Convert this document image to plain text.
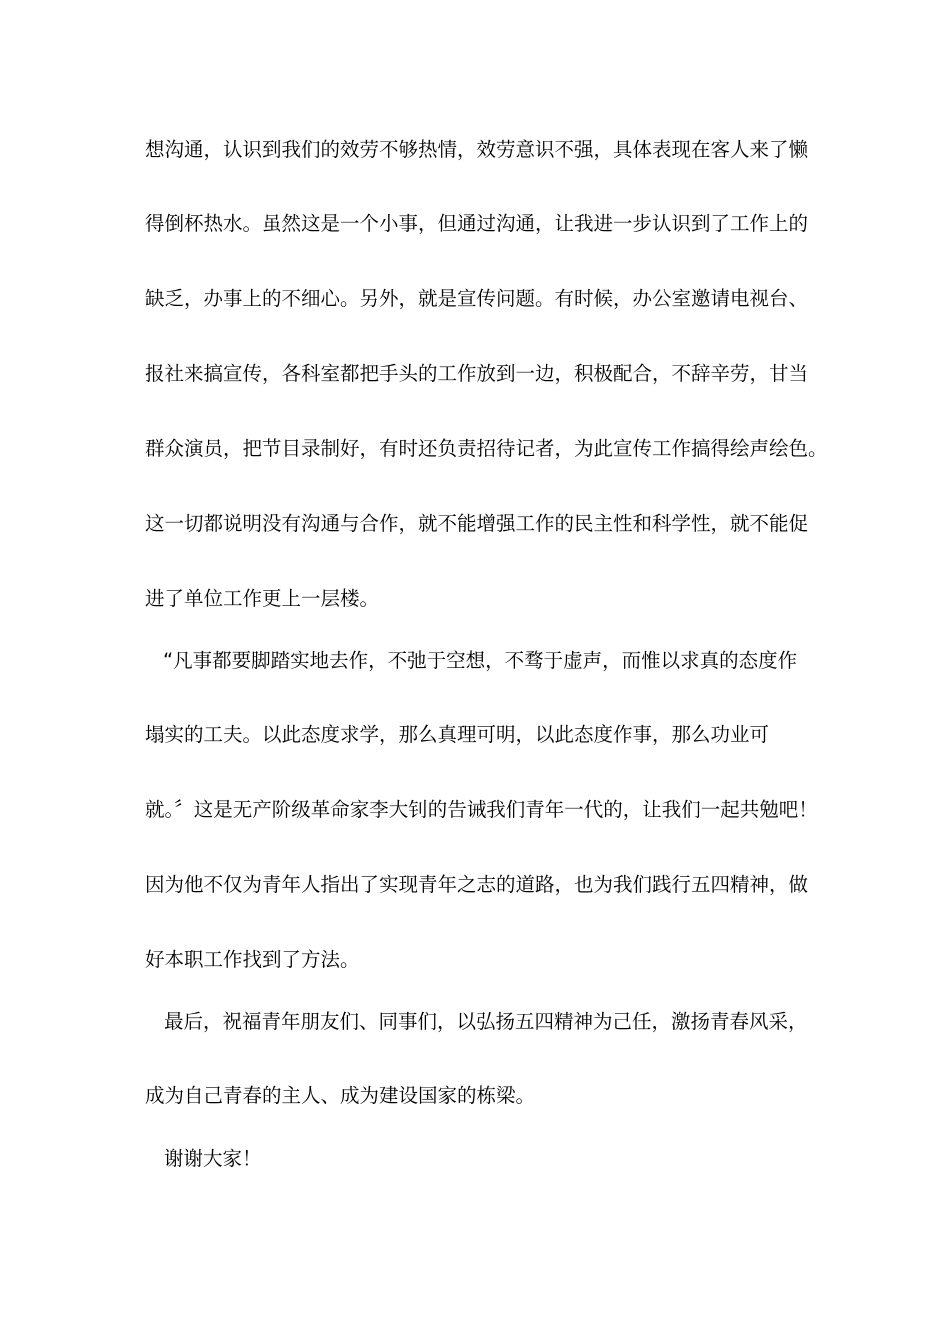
想沟通，认识到我们的效劳不够热情，效劳意识不强，具体表现在客人来了懒
得倒杯热水。虽然这是一个小事，但通过沟通，让我进一步认识到了工作上的
缺乏，办事上的不细心。另外，就是宣传问题。有时候，办公室邀请电视台、
报社来搞宣传，各科室都把手头的工作放到一边，积极配合，不辞辛劳，甘当
群众演员，把节目录制好，有时还负责招待记者，为此宣传工作搞得绘声绘色。
这一切都说明没有沟通与合作，就不能增强工作的民主性和科学性，就不能促
进了单位工作更上一层楼。
“凡事都要脚踏实地去作，不弛于空想，不骛于虚声，而惟以求真的态度作
塌实的工夫。以此态度求学，那么真理可明，以此态度作事，那么功业可
就。〞这是无产阶级革命家李大钊的告诫我们青年一代的，让我们一起共勉吧！
因为他不仅为青年人指出了实现青年之志的道路，也为我们践行五四精神，做
好本职工作找到了方法。
最后，祝福青年朋友们、同事们，以弘扬五四精神为己任，激扬青春风采，
成为自己青春的主人、成为建设国家的栋梁。
谢谢大家！
